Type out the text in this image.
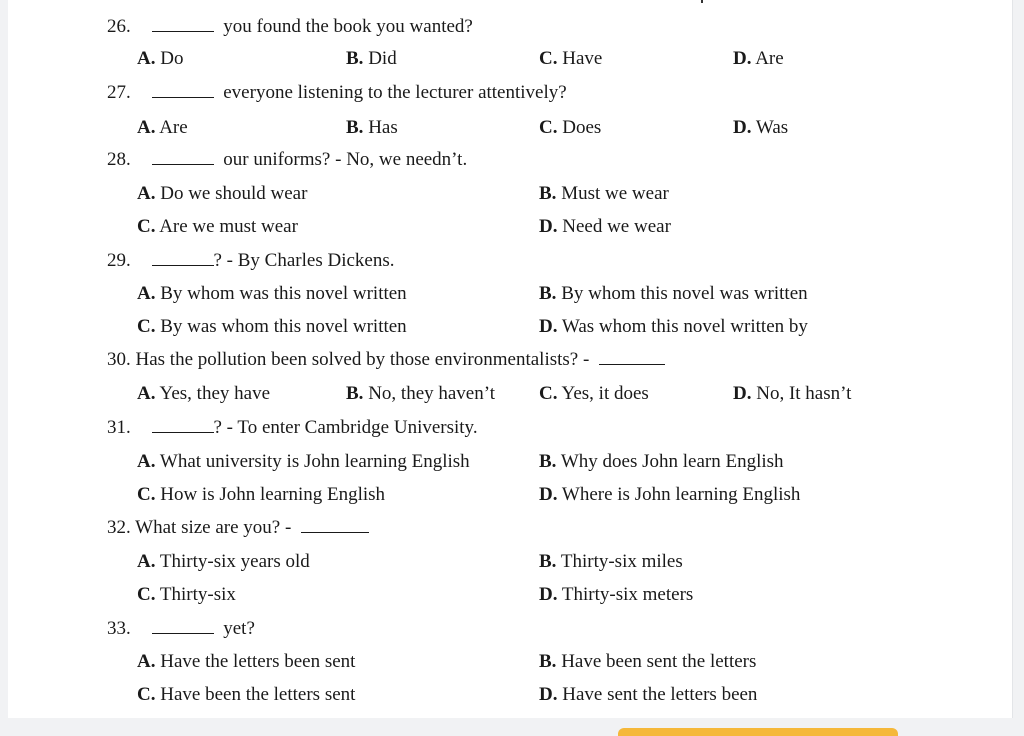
26.	you found the book you wanted?
A. Do	B. Did	C. Have	D. Are
27.	everyone listening to the lecturer attentively?
A. Are	B. Has	C. Does	D. Was
28.	our uniforms? - No, we needn’t.
A. Do we should wear	B. Must we wear
C. Are we must wear	D. Need we wear
29.	? - By Charles Dickens.
A. By whom was this novel written	B. By whom this novel was written
C. By was whom this novel written	D. Was whom this novel written by
30. Has the pollution been solved by those environmentalists? -
A. Yes, they have	B. No, they haven’t C. Yes, it does	D. No, It hasn’t
31.	? - To enter Cambridge University.
A. What university is John learning English	B. Why does John learn English
C. How is John learning English	D. Where is John learning English
32. What size are you? -
A. Thirty-six years old	B. Thirty-six miles
C. Thirty-six	D. Thirty-six meters
33.	yet?
A. Have the letters been sent	B. Have been sent the letters
C. Have been the letters sent	D. Have sent the letters been
